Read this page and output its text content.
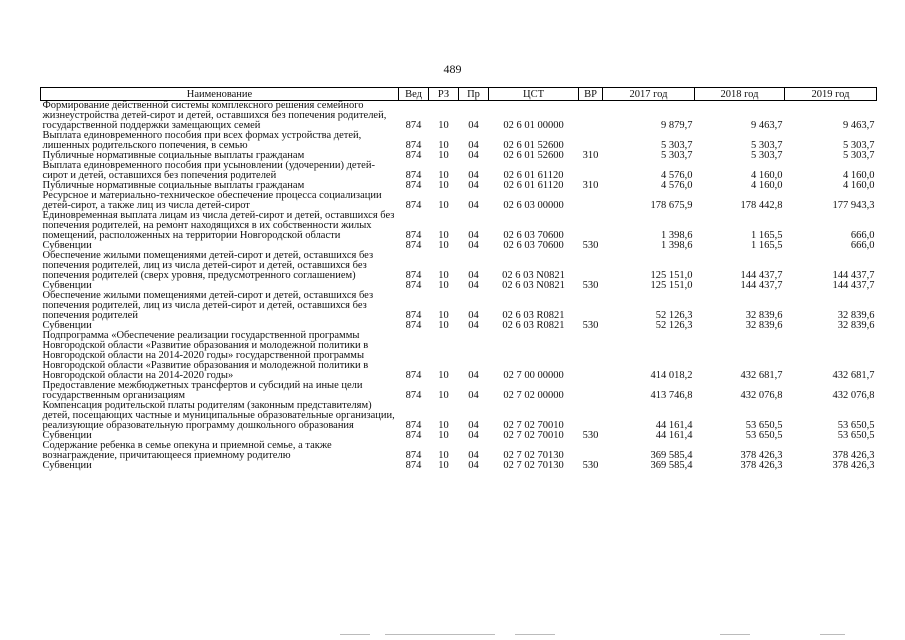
489
Наименование	Вед	РЗ	Пр	ЦСТ	ВР	2017 год	2018 год	2019 год
Формирование действенной системы комплексного решения семейного жизнеустройства детей-сирот и детей, оставшихся без попечения родителей, государственной поддержки замещающих семей	874	10	04	02 6 01 00000		9 879,7	9 463,7	9 463,7
Выплата единовременного пособия при всех формах устройства детей, лишенных родительского попечения, в семью	874	10	04	02 6 01 52600		5 303,7	5 303,7	5 303,7
Публичные нормативные социальные выплаты гражданам	874	10	04	02 6 01 52600	310	5 303,7	5 303,7	5 303,7
Выплата единовременного пособия при усыновлении (удочерении) детей-сирот и детей, оставшихся без попечения родителей	874	10	04	02 6 01 61120		4 576,0	4 160,0	4 160,0
Публичные нормативные социальные выплаты гражданам	874	10	04	02 6 01 61120	310	4 576,0	4 160,0	4 160,0
Ресурсное и материально-техническое обеспечение процесса социализации детей-сирот, а также лиц из числа детей-сирот	874	10	04	02 6 03 00000		178 675,9	178 442,8	177 943,3
Единовременная выплата лицам из числа детей-сирот и детей, оставшихся без попечения родителей, на ремонт находящихся в их собственности жилых помещений, расположенных на территории Новгородской области	874	10	04	02 6 03 70600		1 398,6	1 165,5	666,0
Субвенции	874	10	04	02 6 03 70600	530	1 398,6	1 165,5	666,0
Обеспечение жилыми помещениями детей-сирот и детей, оставшихся без попечения родителей, лиц из числа детей-сирот и детей, оставшихся без попечения родителей (сверх уровня, предусмотренного соглашением)	874	10	04	02 6 03 N0821		125 151,0	144 437,7	144 437,7
Субвенции	874	10	04	02 6 03 N0821	530	125 151,0	144 437,7	144 437,7
Обеспечение жилыми помещениями детей-сирот и детей, оставшихся без попечения родителей, лиц из числа детей-сирот и детей, оставшихся без попечения родителей	874	10	04	02 6 03 R0821		52 126,3	32 839,6	32 839,6
Субвенции	874	10	04	02 6 03 R0821	530	52 126,3	32 839,6	32 839,6
Подпрограмма «Обеспечение реализации государственной программы Новгородской области «Развитие образования и молодежной политики в Новгородской области на 2014-2020 годы» государственной программы Новгородской области «Развитие образования и молодежной политики в Новгородской области на 2014-2020 годы»	874	10	04	02 7 00 00000		414 018,2	432 681,7	432 681,7
Предоставление межбюджетных трансфертов и субсидий на иные цели государственным организациям	874	10	04	02 7 02 00000		413 746,8	432 076,8	432 076,8
Компенсация родительской платы родителям (законным представителям) детей, посещающих частные и муниципальные образовательные организации, реализующие образовательную программу дошкольного образования	874	10	04	02 7 02 70010		44 161,4	53 650,5	53 650,5
Субвенции	874	10	04	02 7 02 70010	530	44 161,4	53 650,5	53 650,5
Содержание ребенка в семье опекуна и приемной семье, а также вознаграждение, причитающееся приемному родителю	874	10	04	02 7 02 70130		369 585,4	378 426,3	378 426,3
Субвенции	874	10	04	02 7 02 70130	530	369 585,4	378 426,3	378 426,3
